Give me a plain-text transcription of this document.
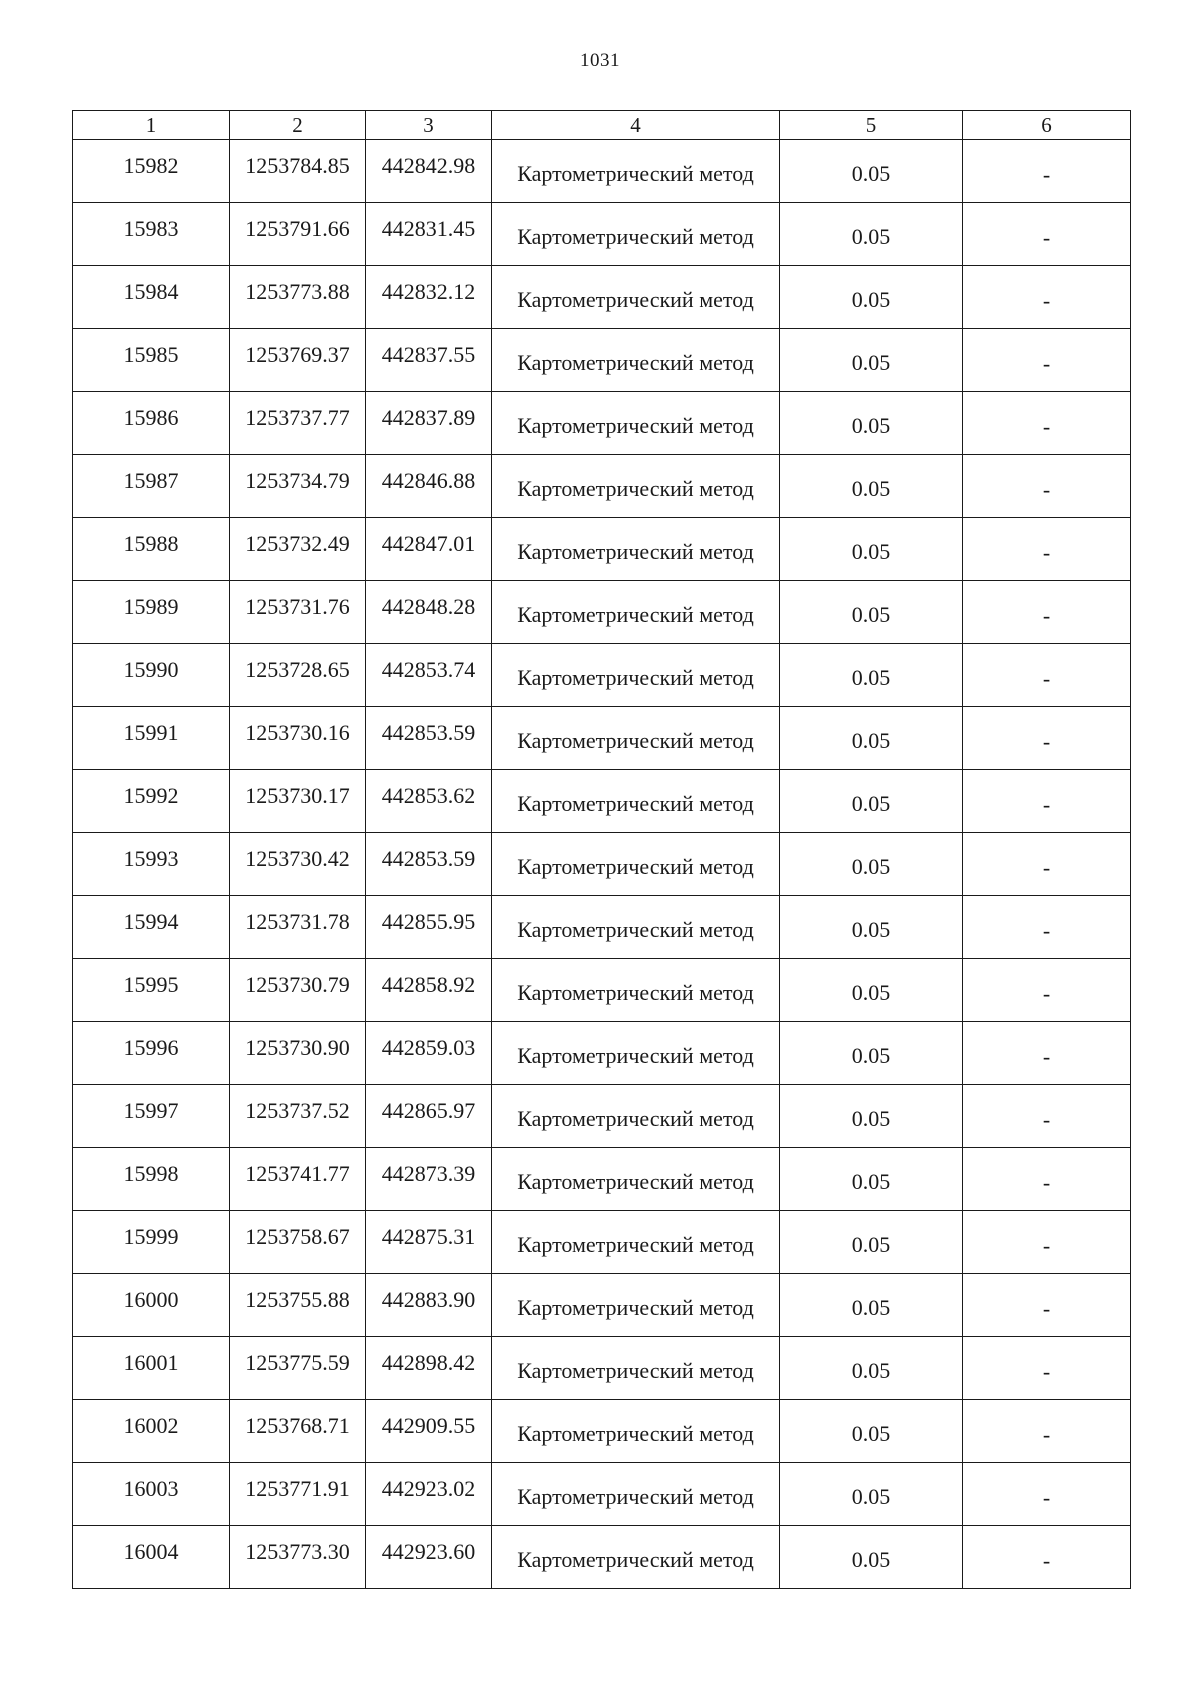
1031
1	2	3	4	5	6
15982	1253784.85	442842.98	Картометрический метод	0.05	-
15983	1253791.66	442831.45	Картометрический метод	0.05	-
15984	1253773.88	442832.12	Картометрический метод	0.05	-
15985	1253769.37	442837.55	Картометрический метод	0.05	-
15986	1253737.77	442837.89	Картометрический метод	0.05	-
15987	1253734.79	442846.88	Картометрический метод	0.05	-
15988	1253732.49	442847.01	Картометрический метод	0.05	-
15989	1253731.76	442848.28	Картометрический метод	0.05	-
15990	1253728.65	442853.74	Картометрический метод	0.05	-
15991	1253730.16	442853.59	Картометрический метод	0.05	-
15992	1253730.17	442853.62	Картометрический метод	0.05	-
15993	1253730.42	442853.59	Картометрический метод	0.05	-
15994	1253731.78	442855.95	Картометрический метод	0.05	-
15995	1253730.79	442858.92	Картометрический метод	0.05	-
15996	1253730.90	442859.03	Картометрический метод	0.05	-
15997	1253737.52	442865.97	Картометрический метод	0.05	-
15998	1253741.77	442873.39	Картометрический метод	0.05	-
15999	1253758.67	442875.31	Картометрический метод	0.05	-
16000	1253755.88	442883.90	Картометрический метод	0.05	-
16001	1253775.59	442898.42	Картометрический метод	0.05	-
16002	1253768.71	442909.55	Картометрический метод	0.05	-
16003	1253771.91	442923.02	Картометрический метод	0.05	-
16004	1253773.30	442923.60	Картометрический метод	0.05	-
